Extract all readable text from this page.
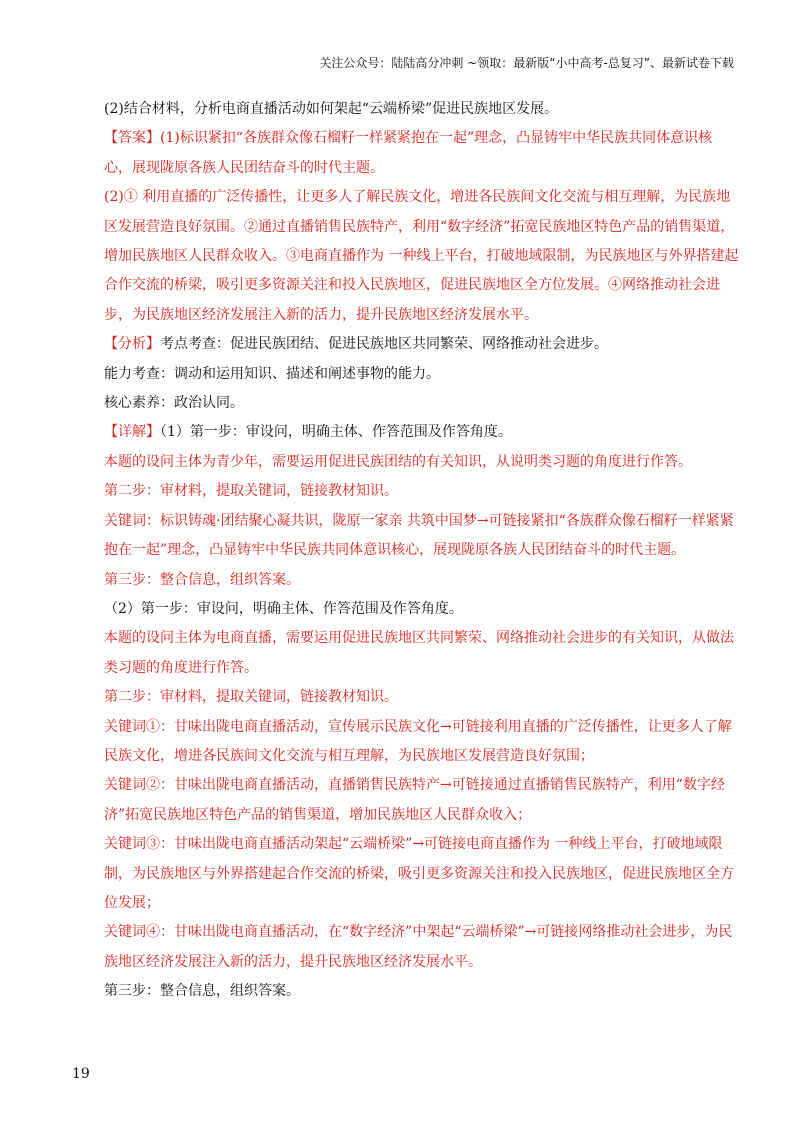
关注公众号：陆陆高分冲刺 ~领取：最新版“小中高考-总复习”、最新试卷下载

(2)结合材料，分析电商直播活动如何架起“云端桥梁”促进民族地区发展。

【答案】(1)标识紧扣“各族群众像石榴籽一样紧紧抱在一起”理念，凸显铸牢中华民族共同体意识核心，展现陇原各族人民团结奋斗的时代主题。

(2)① 利用直播的广泛传播性，让更多人了解民族文化，增进各民族间文化交流与相互理解，为民族地区发展营造良好氛围。②通过直播销售民族特产，利用“数字经济”拓宽民族地区特色产品的销售渠道，增加民族地区人民群众收入。③电商直播作为 一种线上平台，打破地域限制，为民族地区与外界搭建起合作交流的桥梁，吸引更多资源关注和投入民族地区，促进民族地区全方位发展。④网络推动社会进步，为民族地区经济发展注入新的活力，提升民族地区经济发展水平。

【分析】考点考查：促进民族团结、促进民族地区共同繁荣、网络推动社会进步。

能力考查：调动和运用知识、描述和阐述事物的能力。

核心素养：政治认同。

【详解】（1）第一步：审设问，明确主体、作答范围及作答角度。

本题的设问主体为青少年，需要运用促进民族团结的有关知识，从说明类习题的角度进行作答。

第二步：审材料，提取关键词，链接教材知识。

关键词：标识铸魂·团结聚心凝共识，陇原一家亲 共筑中国梦→可链接紧扣“各族群众像石榴籽一样紧紧抱在一起”理念，凸显铸牢中华民族共同体意识核心，展现陇原各族人民团结奋斗的时代主题。

第三步：整合信息，组织答案。

（2）第一步：审设问，明确主体、作答范围及作答角度。

本题的设问主体为电商直播，需要运用促进民族地区共同繁荣、网络推动社会进步的有关知识，从做法类习题的角度进行作答。

第二步：审材料，提取关键词，链接教材知识。

关键词①：甘味出陇电商直播活动，宣传展示民族文化→可链接利用直播的广泛传播性，让更多人了解民族文化，增进各民族间文化交流与相互理解，为民族地区发展营造良好氛围；

关键词②：甘味出陇电商直播活动，直播销售民族特产→可链接通过直播销售民族特产，利用“数字经济”拓宽民族地区特色产品的销售渠道，增加民族地区人民群众收入；

关键词③：甘味出陇电商直播活动架起“云端桥梁”→可链接电商直播作为 一种线上平台，打破地域限制，为民族地区与外界搭建起合作交流的桥梁，吸引更多资源关注和投入民族地区，促进民族地区全方位发展；

关键词④：甘味出陇电商直播活动，在“数字经济”中架起“云端桥梁”→可链接网络推动社会进步，为民族地区经济发展注入新的活力，提升民族地区经济发展水平。

第三步：整合信息，组织答案。

19
